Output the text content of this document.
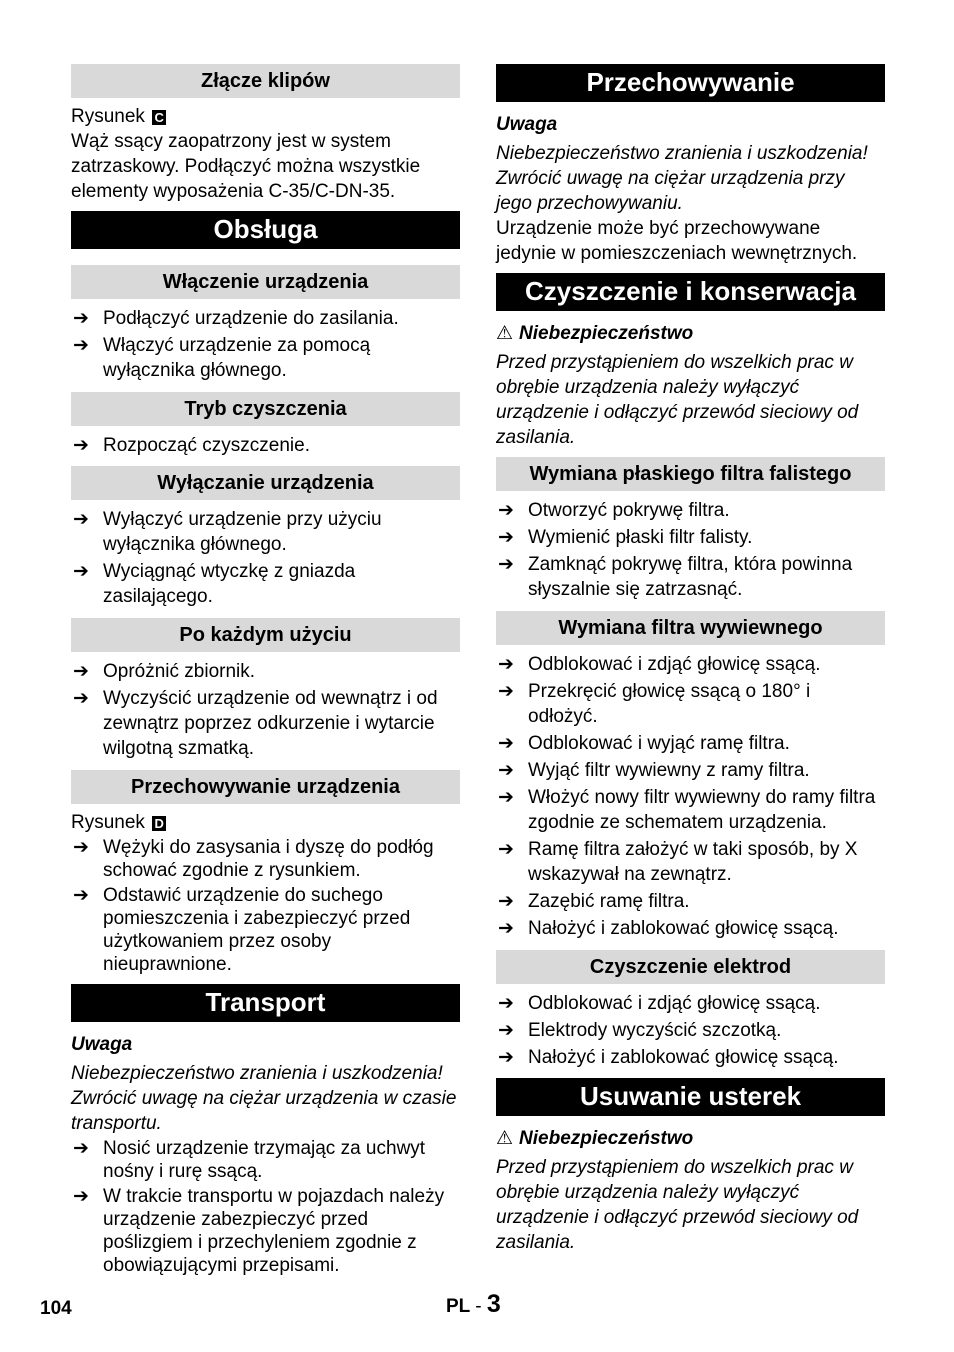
Złącze klipów
Rysunek C
Wąż ssący zaopatrzony jest w system zatrzaskowy. Podłączyć można wszystkie elementy wyposażenia C-35/C-DN-35.
Obsługa
Włączenie urządzenia
➔ Podłączyć urządzenie do zasilania.
➔ Włączyć urządzenie za pomocą wyłącznika głównego.
Tryb czyszczenia
➔ Rozpocząć czyszczenie.
Wyłączanie urządzenia
➔ Wyłączyć urządzenie przy użyciu wyłącznika głównego.
➔ Wyciągnąć wtyczkę z gniazda zasilającego.
Po każdym użyciu
➔ Opróżnić zbiornik.
➔ Wyczyścić urządzenie od wewnątrz i od zewnątrz poprzez odkurzenie i wytarcie wilgotną szmatką.
Przechowywanie urządzenia
Rysunek D
➔ Wężyki do zasysania i dyszę do podłóg schować zgodnie z rysunkiem.
➔ Odstawić urządzenie do suchego pomieszczenia i zabezpieczyć przed użytkowaniem przez osoby nieuprawnione.
Transport
Uwaga
Niebezpieczeństwo zranienia i uszkodzenia! Zwrócić uwagę na ciężar urządzenia w czasie transportu.
➔ Nosić urządzenie trzymając za uchwyt nośny i rurę ssącą.
➔ W trakcie transportu w pojazdach należy urządzenie zabezpieczyć przed poślizgiem i przechyleniem zgodnie z obowiązującymi przepisami.
Przechowywanie
Uwaga
Niebezpieczeństwo zranienia i uszkodzenia! Zwrócić uwagę na ciężar urządzenia przy jego przechowywaniu.
Urządzenie może być przechowywane jedynie w pomieszczeniach wewnętrznych.
Czyszczenie i konserwacja
⚠ Niebezpieczeństwo
Przed przystąpieniem do wszelkich prac w obrębie urządzenia należy wyłączyć urządzenie i odłączyć przewód sieciowy od zasilania.
Wymiana płaskiego filtra falistego
➔ Otworzyć pokrywę filtra.
➔ Wymienić płaski filtr falisty.
➔ Zamknąć pokrywę filtra, która powinna słyszalnie się zatrzasnąć.
Wymiana filtra wywiewnego
➔ Odblokować i zdjąć głowicę ssącą.
➔ Przekręcić głowicę ssącą o 180° i odłożyć.
➔ Odblokować i wyjąć ramę filtra.
➔ Wyjąć filtr wywiewny z ramy filtra.
➔ Włożyć nowy filtr wywiewny do ramy filtra zgodnie ze schematem urządzenia.
➔ Ramę filtra założyć w taki sposób, by X wskazywał na zewnątrz.
➔ Zazębić ramę filtra.
➔ Nałożyć i zablokować głowicę ssącą.
Czyszczenie elektrod
➔ Odblokować i zdjąć głowicę ssącą.
➔ Elektrody wyczyścić szczotką.
➔ Nałożyć i zablokować głowicę ssącą.
Usuwanie usterek
⚠ Niebezpieczeństwo
Przed przystąpieniem do wszelkich prac w obrębie urządzenia należy wyłączyć urządzenie i odłączyć przewód sieciowy od zasilania.
104	PL - 3
